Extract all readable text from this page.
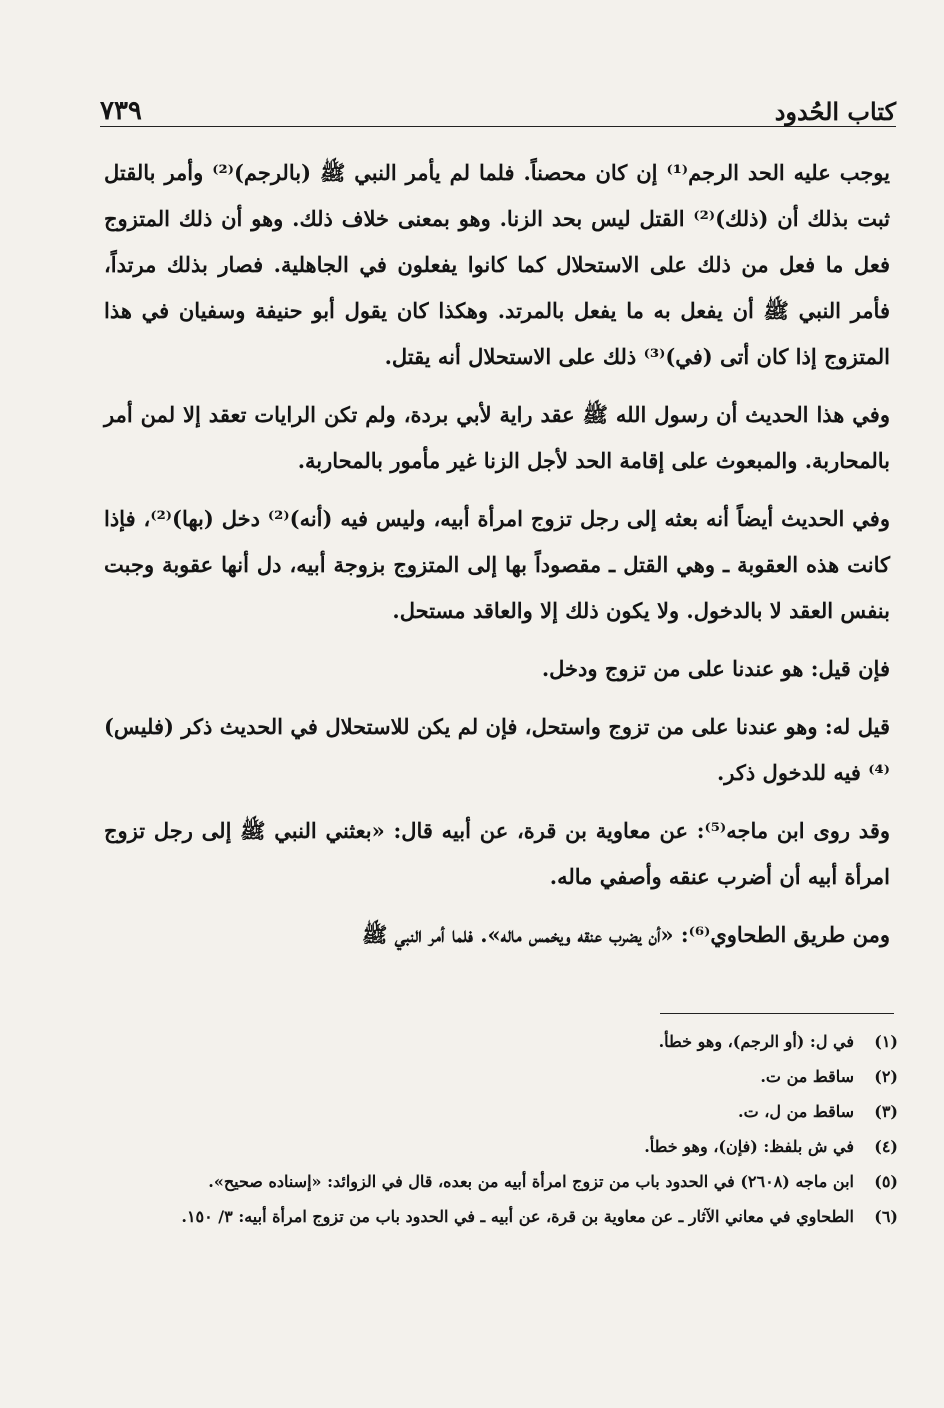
٧٣٩	كتاب الحُدود

يوجب عليه الحد الرجم⁽¹⁾ إن كان محصناً. فلما لم يأمر النبي ﷺ (بالرجم)⁽²⁾ وأمر بالقتل ثبت بذلك أن (ذلك)⁽²⁾ القتل ليس بحد الزنا. وهو بمعنى خلاف ذلك. وهو أن ذلك المتزوج فعل ما فعل من ذلك على الاستحلال كما كانوا يفعلون في الجاهلية. فصار بذلك مرتداً، فأمر النبي ﷺ أن يفعل به ما يفعل بالمرتد. وهكذا كان يقول أبو حنيفة وسفيان في هذا المتزوج إذا كان أتى (في)⁽³⁾ ذلك على الاستحلال أنه يقتل.

وفي هذا الحديث أن رسول الله ﷺ عقد راية لأبي بردة، ولم تكن الرايات تعقد إلا لمن أمر بالمحاربة. والمبعوث على إقامة الحد لأجل الزنا غير مأمور بالمحاربة.

وفي الحديث أيضاً أنه بعثه إلى رجل تزوج امرأة أبيه، وليس فيه (أنه)⁽²⁾ دخل (بها)⁽²⁾، فإذا كانت هذه العقوبة ـ وهي القتل ـ مقصوداً بها إلى المتزوج بزوجة أبيه، دل أنها عقوبة وجبت بنفس العقد لا بالدخول. ولا يكون ذلك إلا والعاقد مستحل.

فإن قيل: هو عندنا على من تزوج ودخل.

قيل له: وهو عندنا على من تزوج واستحل، فإن لم يكن للاستحلال في الحديث ذكر (فليس)⁽⁴⁾ فيه للدخول ذكر.

وقد روى ابن ماجه⁽⁵⁾: عن معاوية بن قرة، عن أبيه قال: «بعثني النبي ﷺ إلى رجل تزوج امرأة أبيه أن أضرب عنقه وأصفي ماله.

ومن طريق الطحاوي⁽⁶⁾: «أن يضرب عنقه ويخمس ماله». فلما أمر النبي ﷺ

(١)
في ل: (أو الرجم)، وهو خطأ.
(٢)
ساقط من ت.
(٣)
ساقط من ل، ت.
(٤)
في ش بلفظ: (فإن)، وهو خطأ.
(٥)
ابن ماجه (٢٦٠٨) في الحدود باب من تزوج امرأة أبيه من بعده، قال في الزوائد: «إسناده صحيح».
(٦)
الطحاوي في معاني الآثار ـ عن معاوية بن قرة، عن أبيه ـ في الحدود باب من تزوج امرأة أبيه: ٣/ ١٥٠.
